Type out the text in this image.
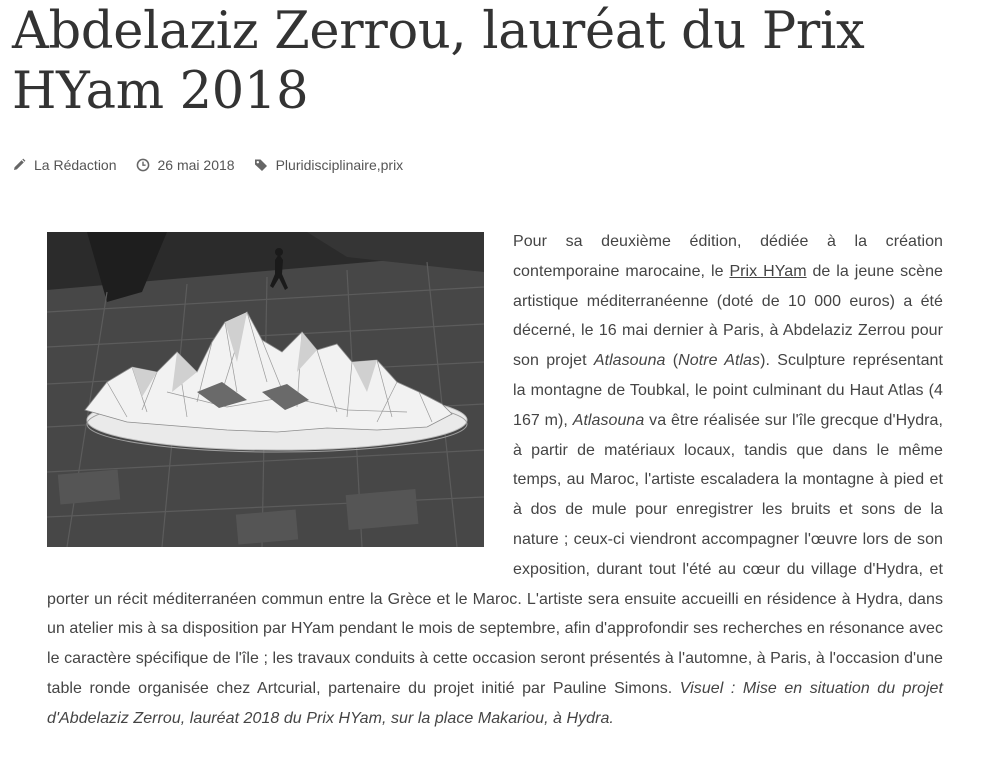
Abdelaziz Zerrou, lauréat du Prix HYam 2018
La Rédaction	26 mai 2018	Pluridisciplinaire , prix
Pour sa deuxième édition, dédiée à la création contemporaine marocaine, le Prix HYam de la jeune scène artistique méditerranéenne (doté de 10 000 euros) a été décerné, le 16 mai dernier à Paris, à Abdelaziz Zerrou pour son projet Atlasouna (Notre Atlas). Sculpture représentant la montagne de Toubkal, le point culminant du Haut Atlas (4 167 m), Atlasouna va être réalisée sur l'île grecque d'Hydra, à partir de matériaux locaux, tandis que dans le même temps, au Maroc, l'artiste escaladera la montagne à pied et à dos de mule pour enregistrer les bruits et sons de la nature ; ceux-ci viendront accompagner l'œuvre lors de son exposition, durant tout l'été au cœur du village d'Hydra, et porter un récit méditerranéen commun entre la Grèce et le Maroc. L'artiste sera ensuite accueilli en résidence à Hydra, dans un atelier mis à sa disposition par HYam pendant le mois de septembre, afin d'approfondir ses recherches en résonance avec le caractère spécifique de l'île ; les travaux conduits à cette occasion seront présentés à l'automne, à Paris, à l'occasion d'une table ronde organisée chez Artcurial, partenaire du projet initié par Pauline Simons. Visuel : Mise en situation du projet d'Abdelaziz Zerrou, lauréat 2018 du Prix HYam, sur la place Makariou, à Hydra.
